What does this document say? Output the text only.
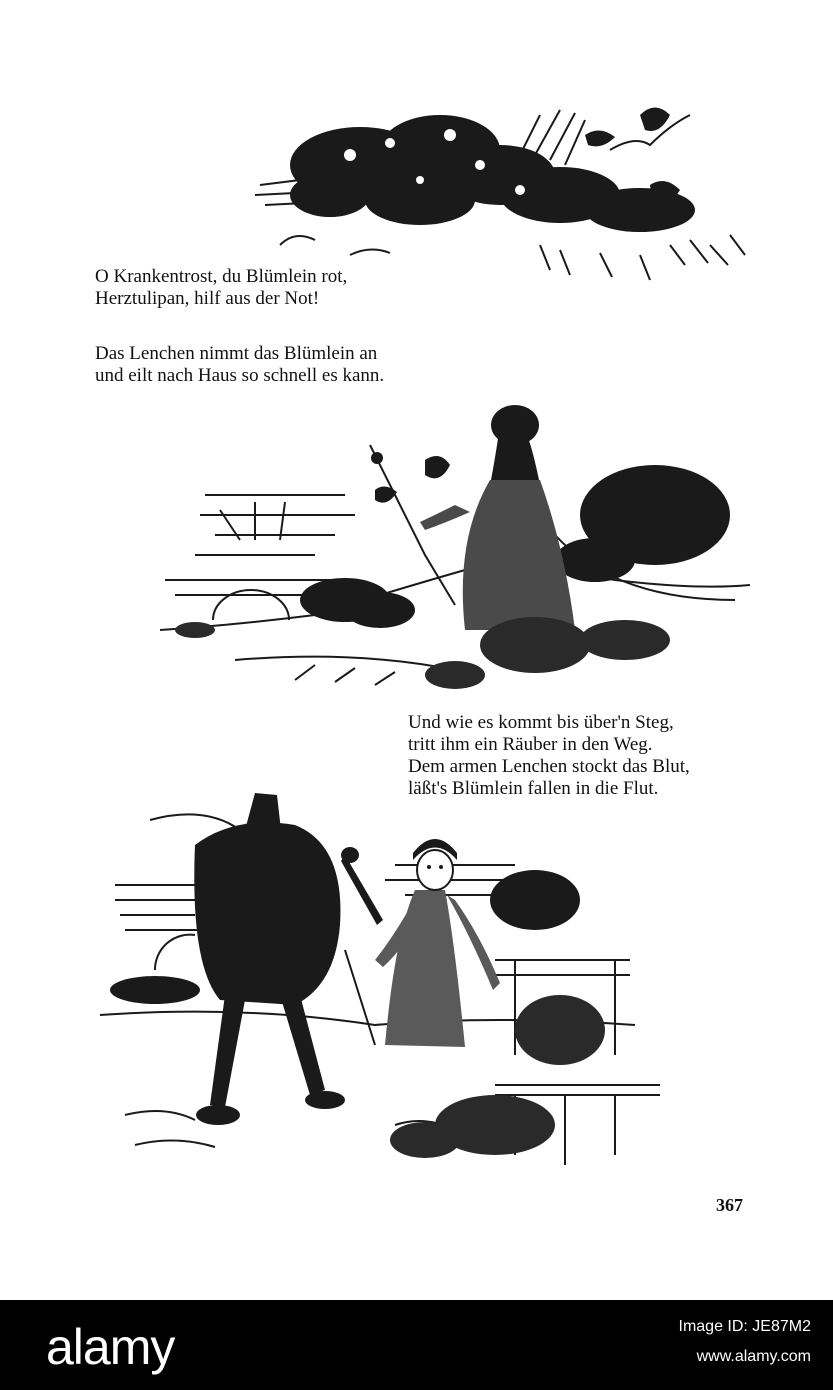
O Krankentrost, du Blümlein rot,
Herztulipan, hilf aus der Not!
Das Lenchen nimmt das Blümlein an
und eilt nach Haus so schnell es kann.
Und wie es kommt bis über'n Steg,
tritt ihm ein Räuber in den Weg.
Dem armen Lenchen stockt das Blut,
läßt's Blümlein fallen in die Flut.
367
alamy	Image ID: JE87M2
www.alamy.com
